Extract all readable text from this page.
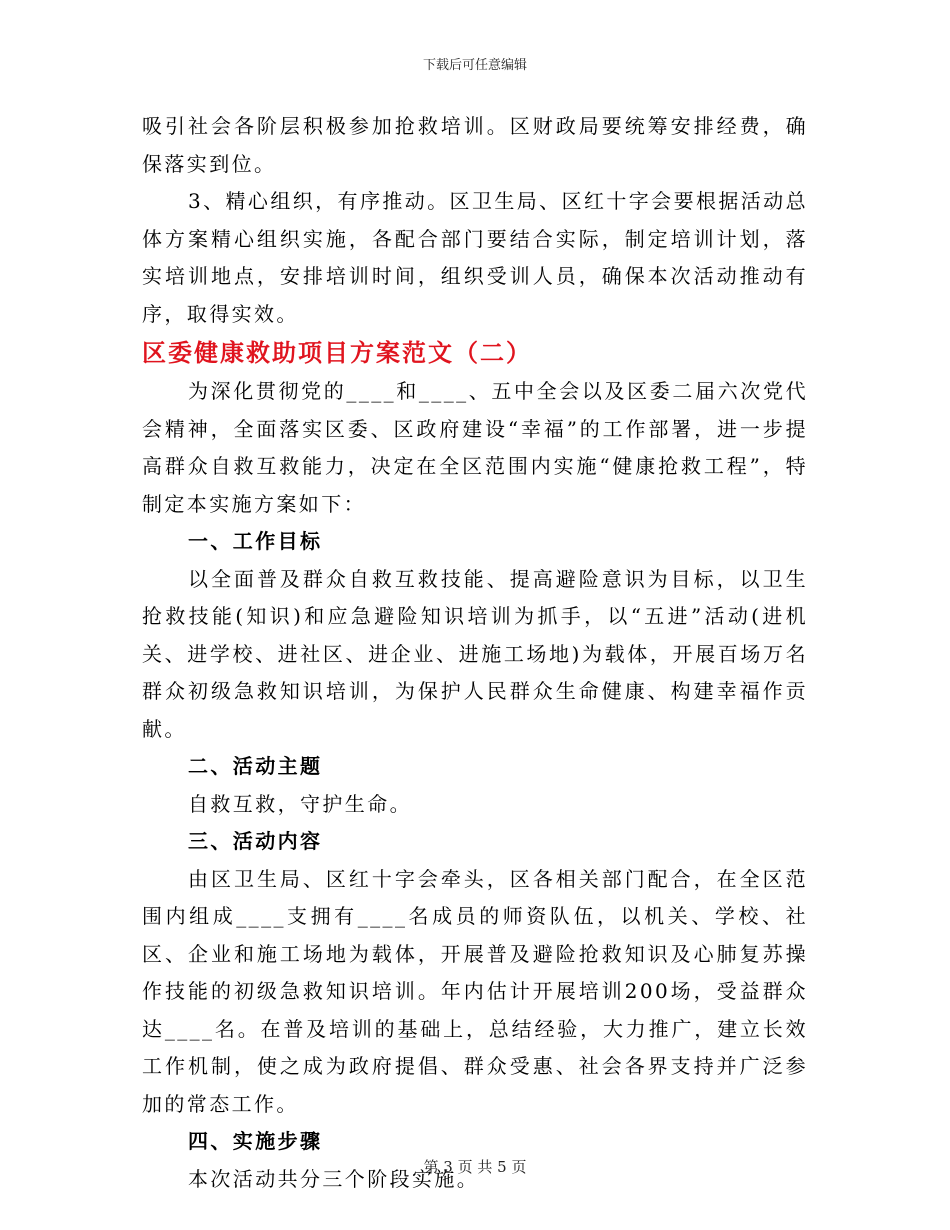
下载后可任意编辑

吸引社会各阶层积极参加抢救培训。区财政局要统筹安排经费，确保落实到位。

3、精心组织，有序推动。区卫生局、区红十字会要根据活动总体方案精心组织实施，各配合部门要结合实际，制定培训计划，落实培训地点，安排培训时间，组织受训人员，确保本次活动推动有序，取得实效。

区委健康救助项目方案范文（二）

为深化贯彻党的____和____、五中全会以及区委二届六次党代会精神，全面落实区委、区政府建设“幸福”的工作部署，进一步提高群众自救互救能力，决定在全区范围内实施“健康抢救工程”，特制定本实施方案如下：

一、工作目标

以全面普及群众自救互救技能、提高避险意识为目标，以卫生抢救技能(知识)和应急避险知识培训为抓手，以“五进”活动(进机关、进学校、进社区、进企业、进施工场地)为载体，开展百场万名群众初级急救知识培训，为保护人民群众生命健康、构建幸福作贡献。

二、活动主题

自救互救，守护生命。

三、活动内容

由区卫生局、区红十字会牵头，区各相关部门配合，在全区范围内组成____支拥有____名成员的师资队伍，以机关、学校、社区、企业和施工场地为载体，开展普及避险抢救知识及心肺复苏操作技能的初级急救知识培训。年内估计开展培训200场，受益群众达____名。在普及培训的基础上，总结经验，大力推广，建立长效工作机制，使之成为政府提倡、群众受惠、社会各界支持并广泛参加的常态工作。

四、实施步骤

本次活动共分三个阶段实施。

第 3 页 共 5 页
